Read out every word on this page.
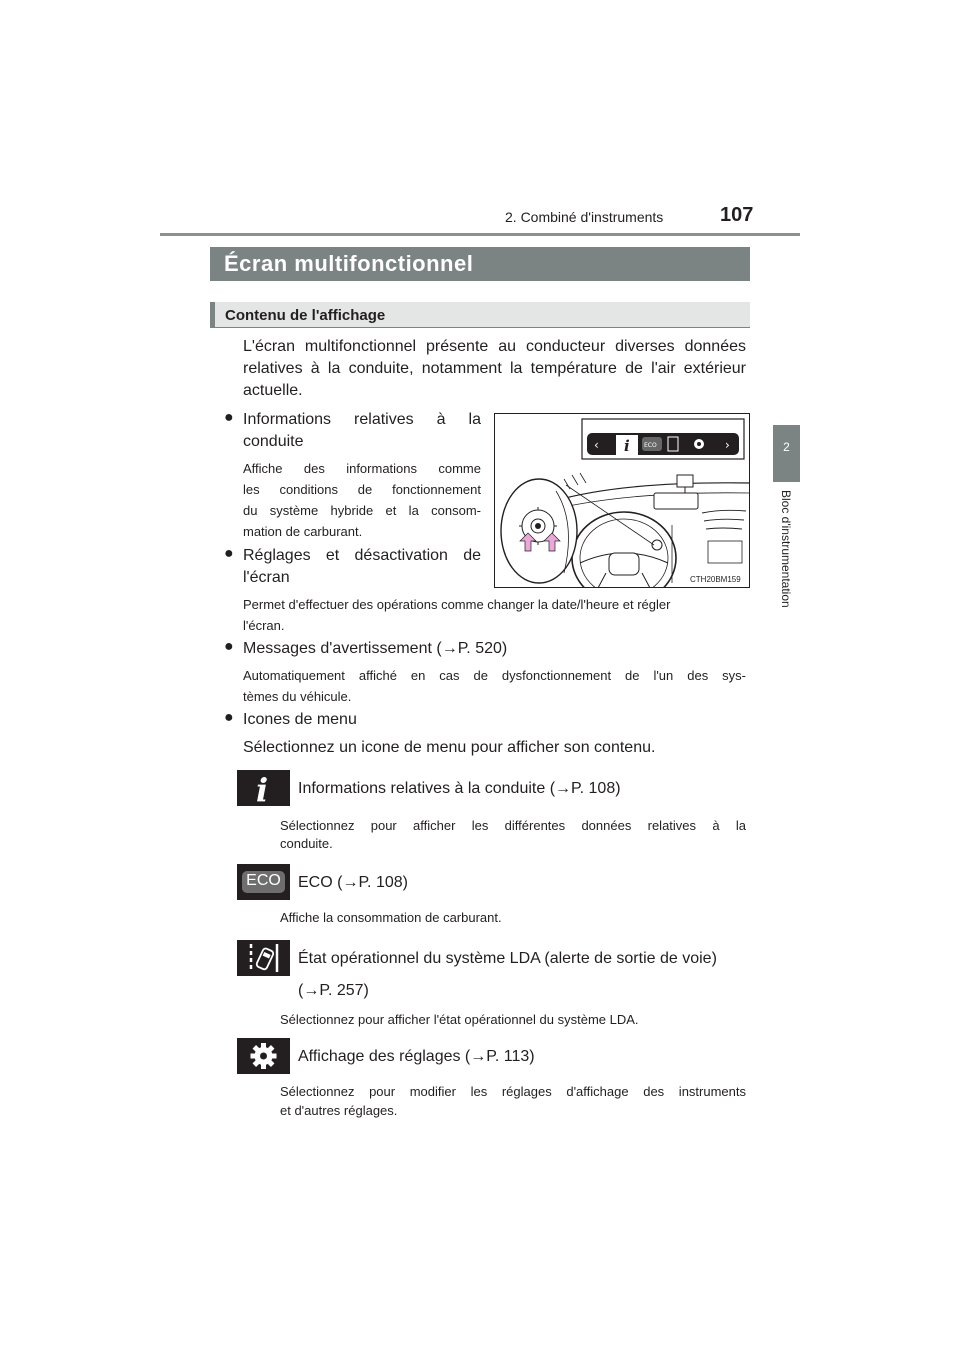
2. Combiné d'instruments	107
2
Bloc d'instrumentation
Écran multifonctionnel
Contenu de l'affichage
L'écran multifonctionnel présente au conducteur diverses données
relatives à la conduite, notamment la température de l'air extérieur
actuelle.
● Informations relatives à la
conduite
Affiche des informations comme
les conditions de fonctionnement
du système hybride et la consom-
mation de carburant.
● Réglages et désactivation de
l'écran
Permet d'effectuer des opérations comme changer la date/l'heure et régler
l'écran.
● Messages d'avertissement (→P. 520)
Automatiquement affiché en cas de dysfonctionnement de l'un des sys-
tèmes du véhicule.
● Icones de menu
Sélectionnez un icone de menu pour afficher son contenu.
‹	›
i ECO
CTH20BM159
i Informations relatives à la conduite (→P. 108)
Sélectionnez pour afficher les différentes données relatives à la
conduite.
ECO ECO (→P. 108)
Affiche la consommation de carburant.
État opérationnel du système LDA (alerte de sortie de voie)
(→P. 257)
Sélectionnez pour afficher l'état opérationnel du système LDA.
Affichage des réglages (→P. 113)
Sélectionnez pour modifier les réglages d'affichage des instruments
et d'autres réglages.
